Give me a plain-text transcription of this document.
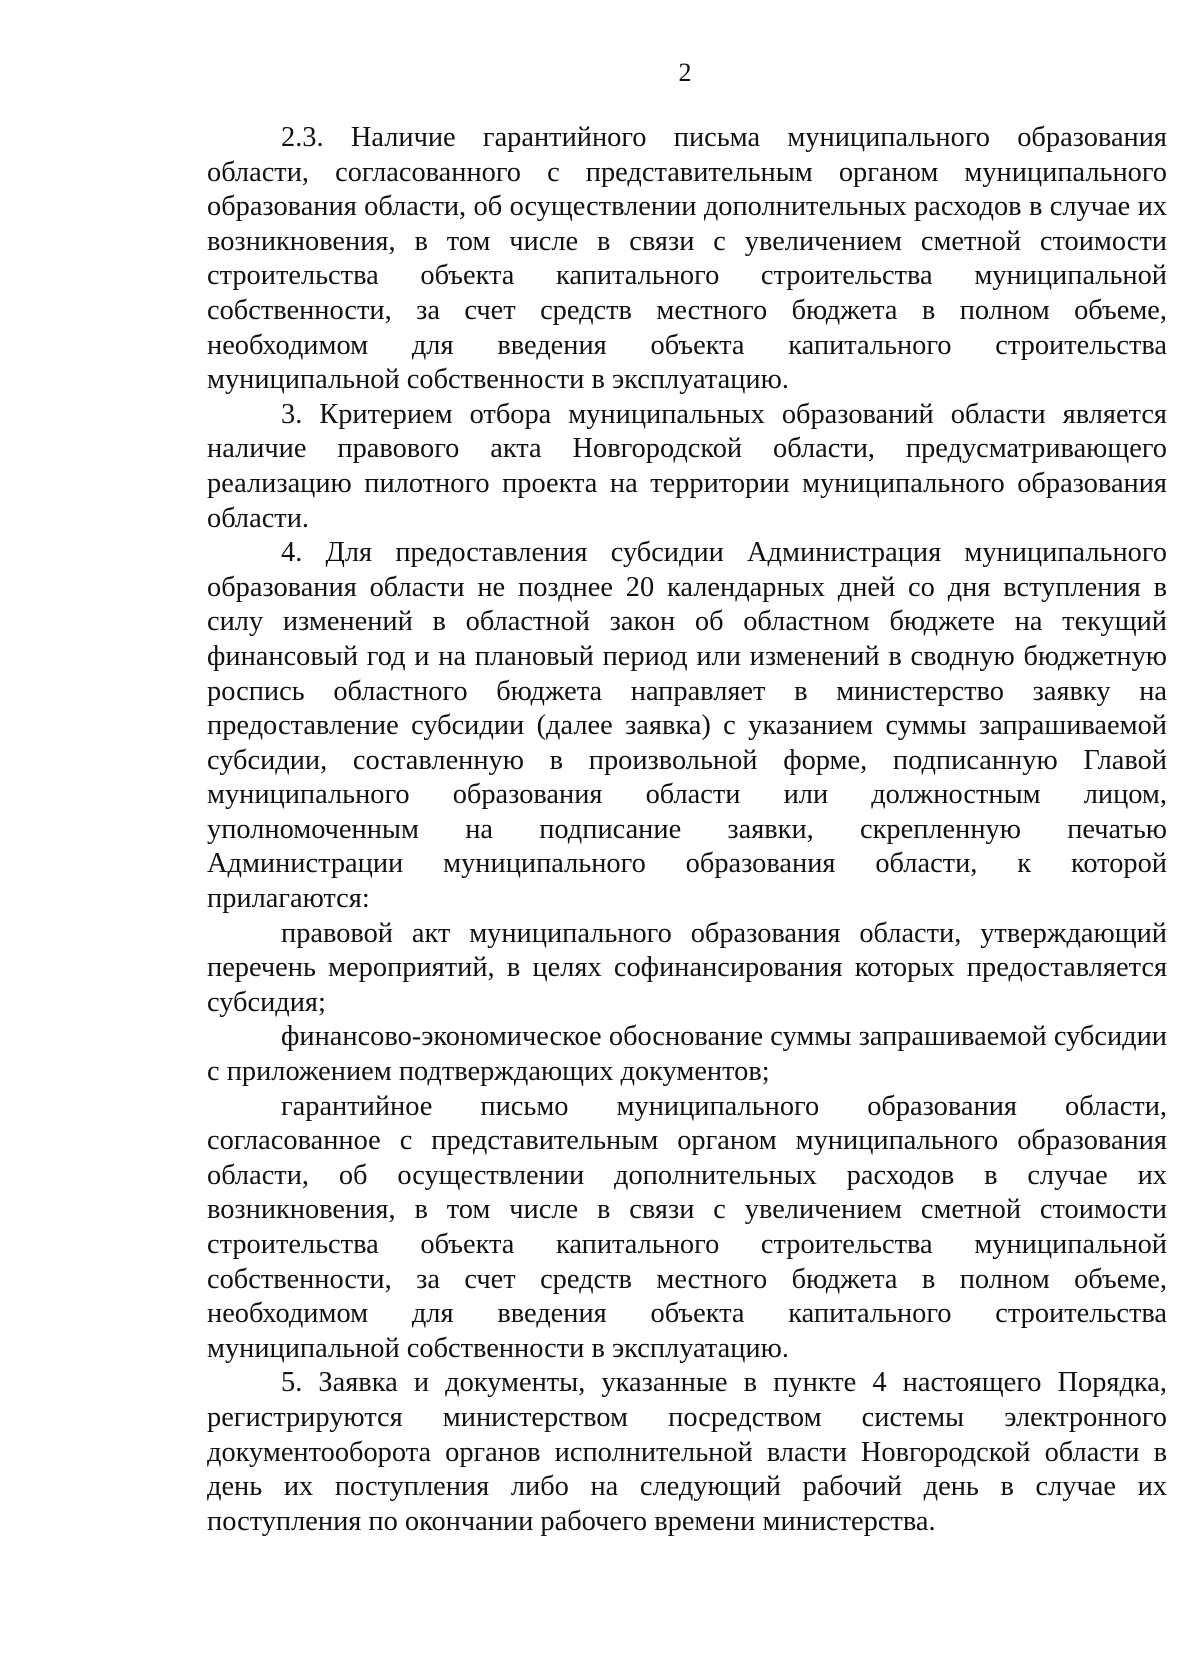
2

2.3. Наличие гарантийного письма муниципального образования области, согласованного с представительным органом муниципального образования области, об осуществлении дополнительных расходов в случае их возникновения, в том числе в связи с увеличением сметной стоимости строительства объекта капитального строительства муниципальной собственности, за счет средств местного бюджета в полном объеме, необходимом для введения объекта капитального строительства муниципальной собственности в эксплуатацию.

3. Критерием отбора муниципальных образований области является наличие правового акта Новгородской области, предусматривающего реализацию пилотного проекта на территории муниципального образования области.

4. Для предоставления субсидии Администрация муниципального образования области не позднее 20 календарных дней со дня вступления в силу изменений в областной закон об областном бюджете на текущий финансовый год и на плановый период или изменений в сводную бюджетную роспись областного бюджета направляет в министерство заявку на предоставление субсидии (далее заявка) с указанием суммы запрашиваемой субсидии, составленную в произвольной форме, подписанную Главой муниципального образования области или должностным лицом, уполномоченным на подписание заявки, скрепленную печатью Администрации муниципального образования области, к которой прилагаются:

правовой акт муниципального образования области, утверждающий перечень мероприятий, в целях софинансирования которых предоставляется субсидия;

финансово-экономическое обоснование суммы запрашиваемой субсидии с приложением подтверждающих документов;

гарантийное письмо муниципального образования области, согласованное с представительным органом муниципального образования области, об осуществлении дополнительных расходов в случае их возникновения, в том числе в связи с увеличением сметной стоимости строительства объекта капитального строительства муниципальной собственности, за счет средств местного бюджета в полном объеме, необходимом для введения объекта капитального строительства муниципальной собственности в эксплуатацию.

5. Заявка и документы, указанные в пункте 4 настоящего Порядка, регистрируются министерством посредством системы электронного документооборота органов исполнительной власти Новгородской области в день их поступления либо на следующий рабочий день в случае их поступления по окончании рабочего времени министерства.
